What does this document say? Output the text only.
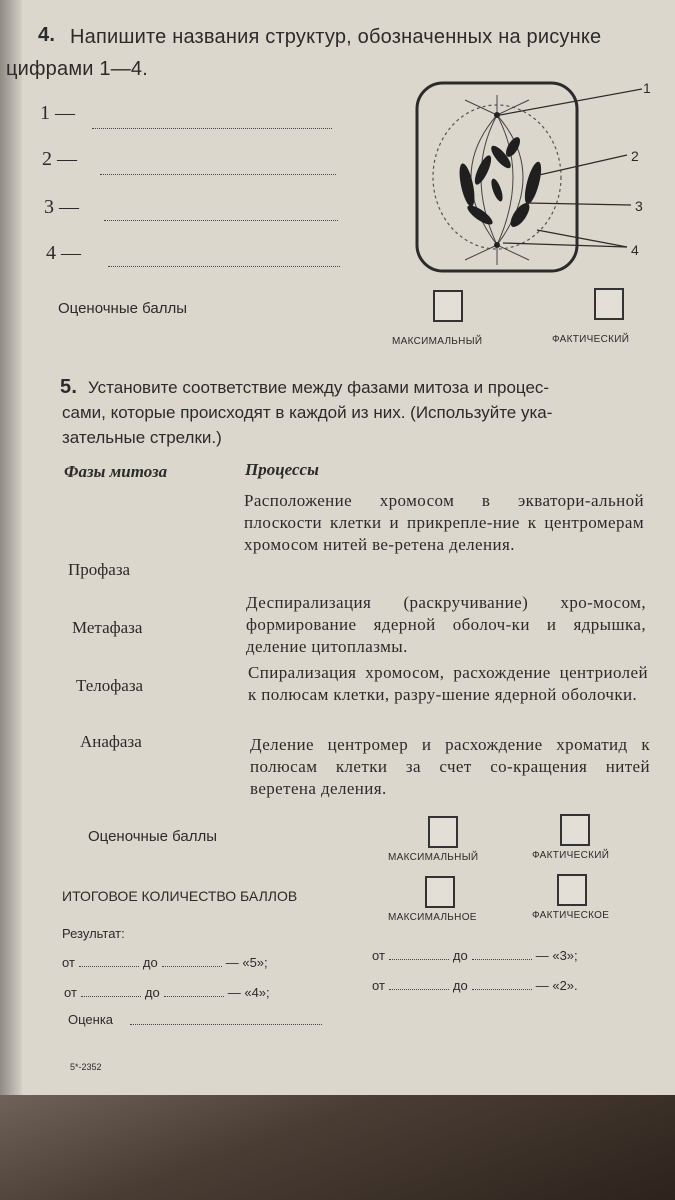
4. Напишите названия структур, обозначенных на рисунке
цифрами 1—4.
1 —
2 —
3 —
4 —
1
2
3
4
Оценочные баллы
МАКСИМАЛЬНЫЙ	ФАКТИЧЕСКИЙ
5. Установите соответствие между фазами митоза и процес-
сами, которые происходят в каждой из них. (Используйте ука-
зательные стрелки.)
Фазы митоза	Процессы
Профаза
Метафаза
Телофаза
Анафаза
Расположение хромосом в экватори-альной плоскости клетки и прикрепле-ние к центромерам хромосом нитей ве-ретена деления.
Деспирализация (раскручивание) хро-мосом, формирование ядерной оболоч-ки и ядрышка, деление цитоплазмы.
Спирализация хромосом, расхождение центриолей к полюсам клетки, разру-шение ядерной оболочки.
Деление центромер и расхождение хроматид к полюсам клетки за счет со-кращения нитей веретена деления.
Оценочные баллы
МАКСИМАЛЬНЫЙ	ФАКТИЧЕСКИЙ
ИТОГОВОЕ КОЛИЧЕСТВО БАЛЛОВ
МАКСИМАЛЬНОЕ	ФАКТИЧЕСКОЕ
Результат:
от	до	— «5»;
от	до	— «4»;
от	до	— «3»;
от	до	— «2».
Оценка
5*-2352
